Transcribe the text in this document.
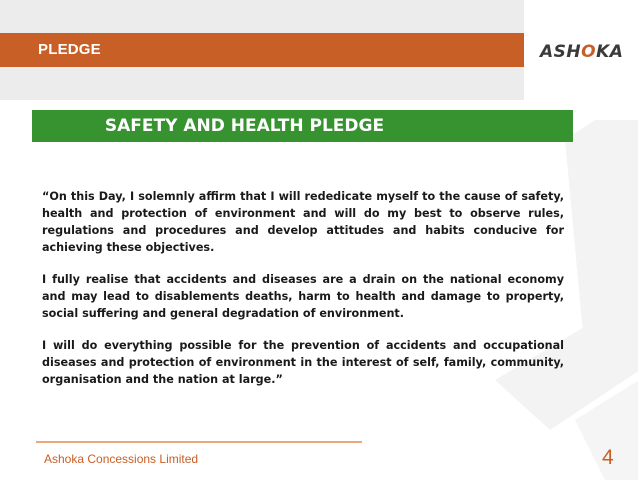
PLEDGE	ASHOKA
SAFETY AND HEALTH PLEDGE

“On this Day, I solemnly affirm that I will rededicate myself to the cause of safety, health and protection of environment and will do my best to observe rules, regulations and procedures and develop attitudes and habits conducive for achieving these objectives.

I fully realise that accidents and diseases are a drain on the national economy and may lead to disablements deaths, harm to health and damage to property, social suffering and general degradation of environment.

I will do everything possible for the prevention of accidents and occupational diseases and protection of environment in the interest of self, family, community, organisation and the nation at large.”

Ashoka Concessions Limited	4
